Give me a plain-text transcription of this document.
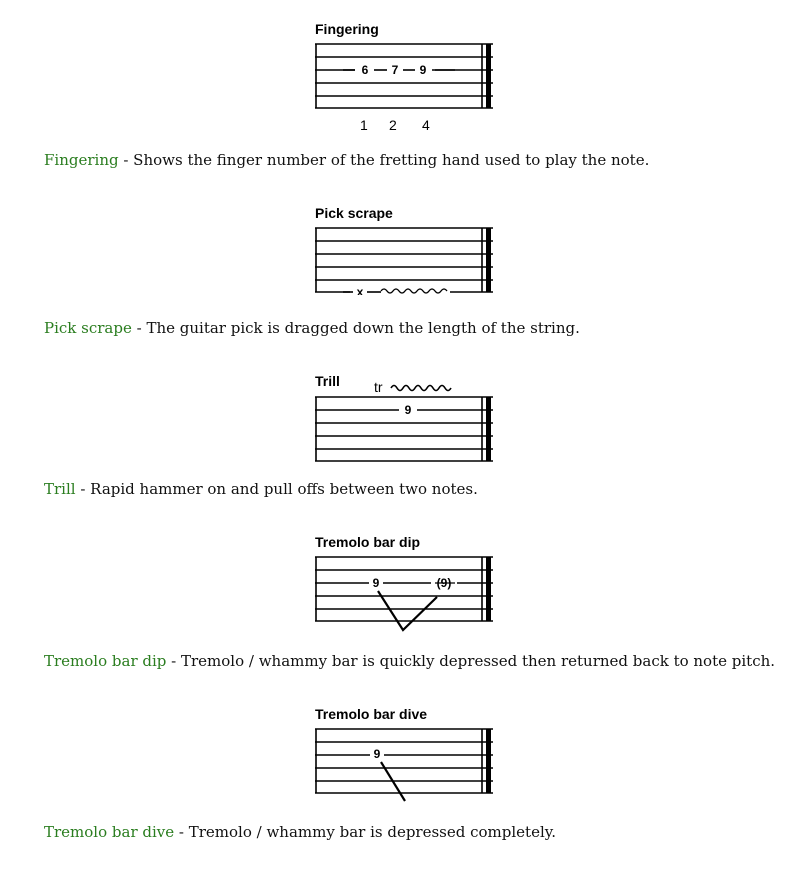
Fingering
6 7 9
1 2 4
Fingering - Shows the finger number of the fretting hand used to play the note.
Pick scrape
x
Pick scrape - The guitar pick is dragged down the length of the string.
Trill tr
9
Trill - Rapid hammer on and pull offs between two notes.
Tremolo bar dip
9	(9)
Tremolo bar dip - Tremolo / whammy bar is quickly depressed then returned back to note pitch.
Tremolo bar dive
9
Tremolo bar dive - Tremolo / whammy bar is depressed completely.
